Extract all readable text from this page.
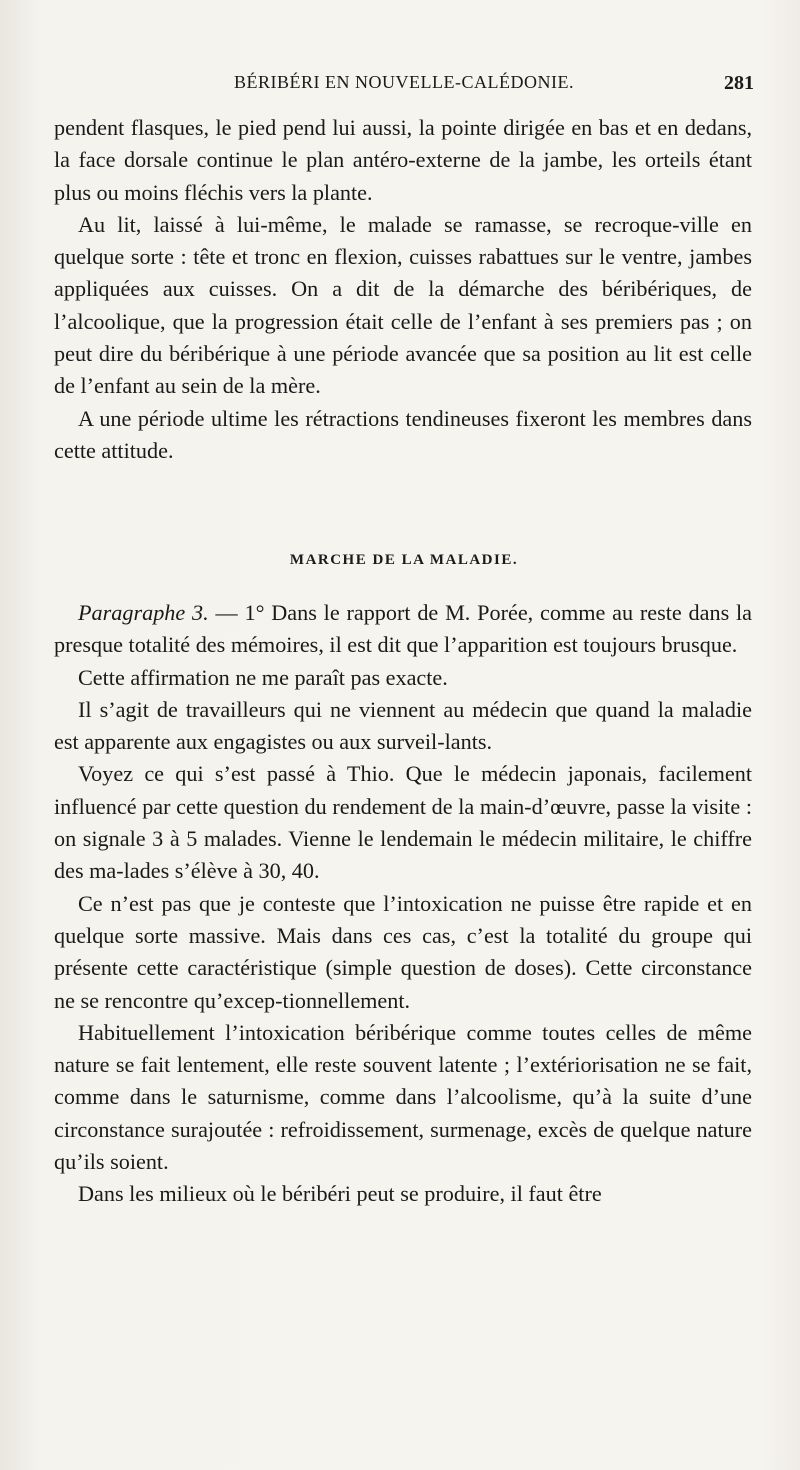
BÉRIBÉRI EN NOUVELLE-CALÉDONIE.	281

pendent flasques, le pied pend lui aussi, la pointe dirigée en bas et en dedans, la face dorsale continue le plan antéro-externe de la jambe, les orteils étant plus ou moins fléchis vers la plante.

Au lit, laissé à lui-même, le malade se ramasse, se recroque-ville en quelque sorte : tête et tronc en flexion, cuisses rabattues sur le ventre, jambes appliquées aux cuisses. On a dit de la démarche des béribériques, de l’alcoolique, que la progression était celle de l’enfant à ses premiers pas ; on peut dire du béribérique à une période avancée que sa position au lit est celle de l’enfant au sein de la mère.

A une période ultime les rétractions tendineuses fixeront les membres dans cette attitude.

MARCHE DE LA MALADIE.

Paragraphe 3. — 1° Dans le rapport de M. Porée, comme au reste dans la presque totalité des mémoires, il est dit que l’apparition est toujours brusque.

Cette affirmation ne me paraît pas exacte.

Il s’agit de travailleurs qui ne viennent au médecin que quand la maladie est apparente aux engagistes ou aux surveil-lants.

Voyez ce qui s’est passé à Thio. Que le médecin japonais, facilement influencé par cette question du rendement de la main-d’œuvre, passe la visite : on signale 3 à 5 malades. Vienne le lendemain le médecin militaire, le chiffre des ma-lades s’élève à 30, 40.

Ce n’est pas que je conteste que l’intoxication ne puisse être rapide et en quelque sorte massive. Mais dans ces cas, c’est la totalité du groupe qui présente cette caractéristique (simple question de doses). Cette circonstance ne se rencontre qu’excep-tionnellement.

Habituellement l’intoxication béribérique comme toutes celles de même nature se fait lentement, elle reste souvent latente ; l’extériorisation ne se fait, comme dans le saturnisme, comme dans l’alcoolisme, qu’à la suite d’une circonstance surajoutée : refroidissement, surmenage, excès de quelque nature qu’ils soient.

Dans les milieux où le béribéri peut se produire, il faut être
